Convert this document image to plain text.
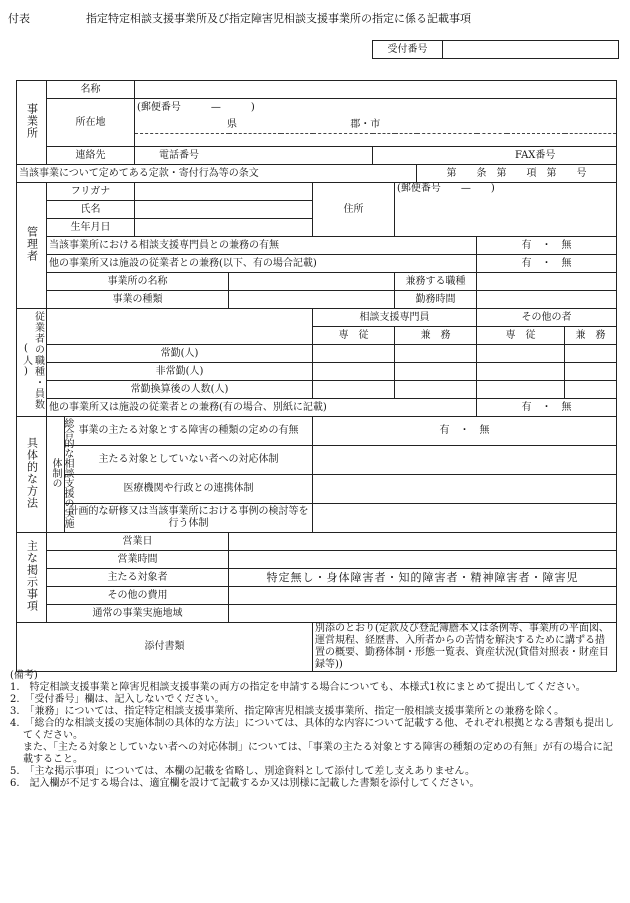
付表	指定特定相談支援事業所及び指定障害児相談支援事業所の指定に係る記載事項
受付番号	
事業所	名称									
	所在地		(郵便番号　　　—　　　)							
			県 郡・市							

	連絡先		電話番号			FAX番号				
当該事業について定めてある定款・寄付行為等の条文								第　　条　第　　項　第　　号		
管理者	フリガナ				住所		(郵便番号　　—　　)			
	氏名									
	生年月日									
	当該事業所における相談支援専門員との兼務の有無								有　・　無	
	他の事業所又は施設の従業者との兼務(以下、有の場合記載)								有　・　無	
	事業所の名称						兼務する職種			
	事業の種類						勤務時間			
従業者の職種・員数(人)					相談支援専門員				その他の者	
					専　従		兼　務		専　従	兼　務
	常勤(人)									
	非常勤(人)									
	常勤換算後の人数(人)									
	他の事業所又は施設の従業者との兼務(有の場合、別紙に記載)								有　・　無	
具体的な方法	総合的な相談支援の実施体制の	事業の主たる対象とする障害の種類の定めの有無			有　・　無					
		主たる対象としていない者への対応体制								
		医療機関や行政との連携体制								
		計画的な研修又は当該事業所における事例の検討等を行う体制								
主な掲示事項	営業日									
	営業時間									
	主たる対象者			特定無し・身体障害者・知的障害者・精神障害者・障害児						
	その他の費用									
	通常の事業実施地域									
添付書類					別添のとおり(定款及び登記簿謄本又は条例等、事業所の平面図、運営規程、経歴書、入所者からの苦情を解決するために講ずる措置の概要、勤務体制・形態一覧表、資産状況(貸借対照表・財産目録等))					
(備考)
1.　特定相談支援事業と障害児相談支援事業の両方の指定を申請する場合についても、本様式1枚にまとめて提出してください。
2.　「受付番号」欄は、記入しないでください。
3.　「兼務」については、指定特定相談支援事業所、指定障害児相談支援事業所、指定一般相談支援事業所との兼務を除く。
4.　「総合的な相談支援の実施体制の具体的な方法」については、具体的な内容について記載する他、それぞれ根拠となる書類も提出してください。
また、「主たる対象としていない者への対応体制」については、「事業の主たる対象とする障害の種類の定めの有無」が有の場合に記載すること。
5.　「主な掲示事項」については、本欄の記載を省略し、別途資料として添付して差し支えありません。
6.　記入欄が不足する場合は、適宜欄を設けて記載するか又は別様に記載した書類を添付してください。
